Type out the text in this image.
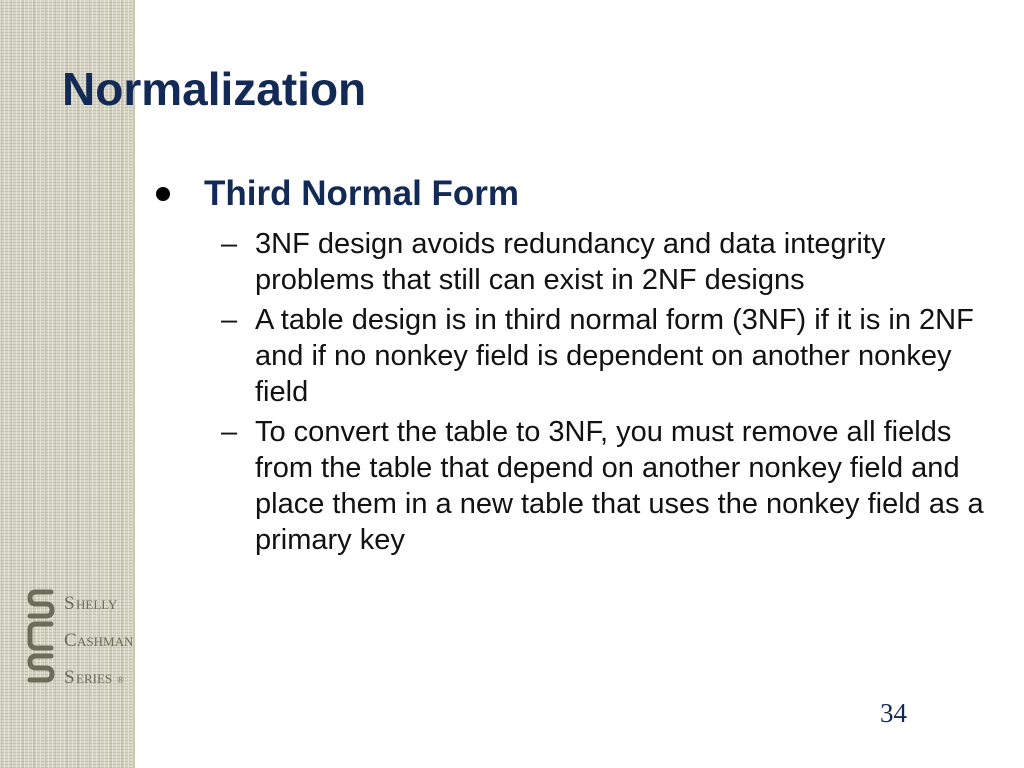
Normalization
Third Normal Form
– 3NF design avoids redundancy and data integrity problems that still can exist in 2NF designs
– A table design is in third normal form (3NF) if it is in 2NF and if no nonkey field is dependent on another nonkey field
– To convert the table to 3NF, you must remove all fields from the table that depend on another nonkey field and place them in a new table that uses the nonkey field as a primary key
S HELLY
C ASHMAN
S ERIES ®
34
